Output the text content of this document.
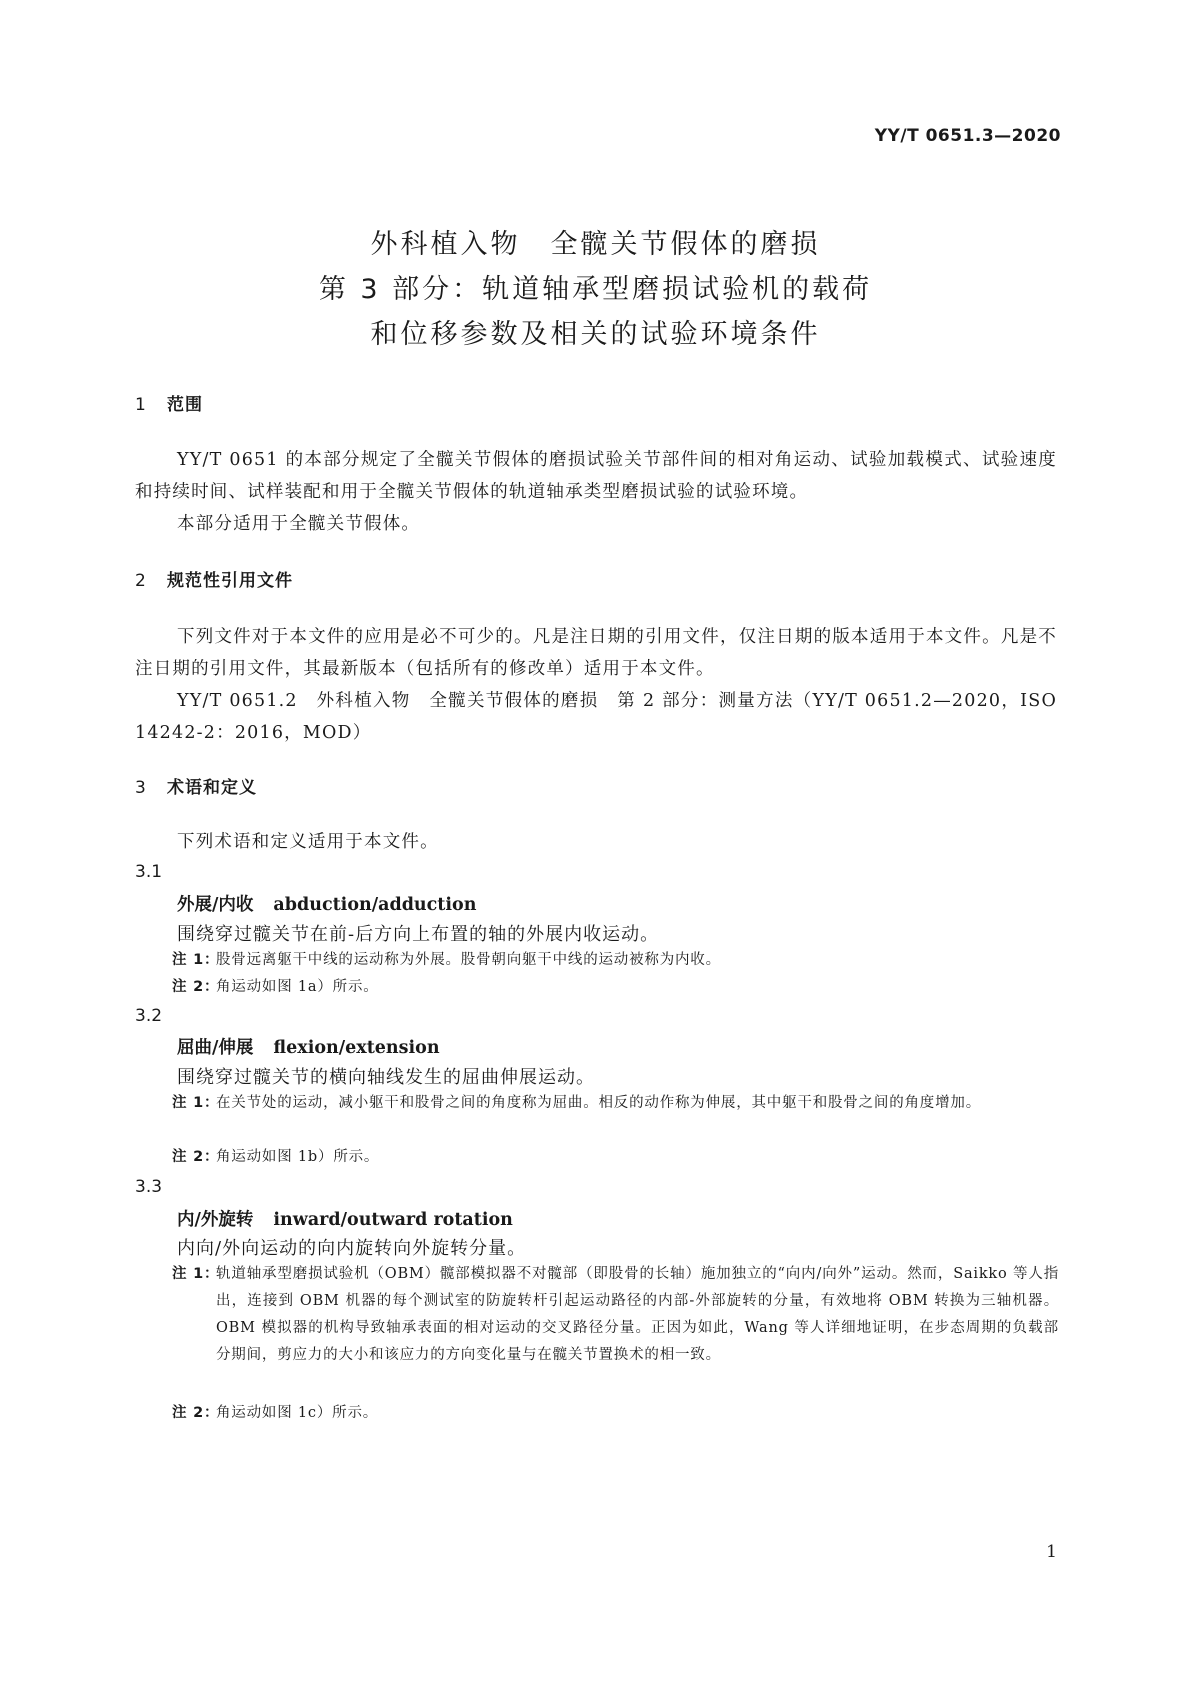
YY/T 0651.3—2020
外科植入物　全髋关节假体的磨损
第 3 部分：轨道轴承型磨损试验机的载荷
和位移参数及相关的试验环境条件
1 范围
YY/T 0651 的本部分规定了全髋关节假体的磨损试验关节部件间的相对角运动、试验加载模式、试验速度和持续时间、试样装配和用于全髋关节假体的轨道轴承类型磨损试验的试验环境。
本部分适用于全髋关节假体。
2 规范性引用文件
下列文件对于本文件的应用是必不可少的。凡是注日期的引用文件，仅注日期的版本适用于本文件。凡是不注日期的引用文件，其最新版本（包括所有的修改单）适用于本文件。
YY/T 0651.2　外科植入物　全髋关节假体的磨损　第 2 部分：测量方法（YY/T 0651.2—2020，ISO 14242-2：2016，MOD）
3 术语和定义
下列术语和定义适用于本文件。
3.1
外展/内收 abduction/adduction
围绕穿过髋关节在前-后方向上布置的轴的外展内收运动。
注 1：
股骨远离躯干中线的运动称为外展。股骨朝向躯干中线的运动被称为内收。
注 2：
角运动如图 1a）所示。
3.2
屈曲/伸展 flexion/extension
围绕穿过髋关节的横向轴线发生的屈曲伸展运动。
注 1：
在关节处的运动，减小躯干和股骨之间的角度称为屈曲。相反的动作称为伸展，其中躯干和股骨之间的角度增加。
注 2：
角运动如图 1b）所示。
3.3
内/外旋转 inward/outward rotation
内向/外向运动的向内旋转向外旋转分量。
注 1：
轨道轴承型磨损试验机（OBM）髋部模拟器不对髋部（即股骨的长轴）施加独立的“向内/向外”运动。然而，Saikko 等人指出，连接到 OBM 机器的每个测试室的防旋转杆引起运动路径的内部-外部旋转的分量，有效地将 OBM 转换为三轴机器。OBM 模拟器的机构导致轴承表面的相对运动的交叉路径分量。正因为如此，Wang 等人详细地证明，在步态周期的负载部分期间，剪应力的大小和该应力的方向变化量与在髋关节置换术的相一致。
注 2：
角运动如图 1c）所示。
1
